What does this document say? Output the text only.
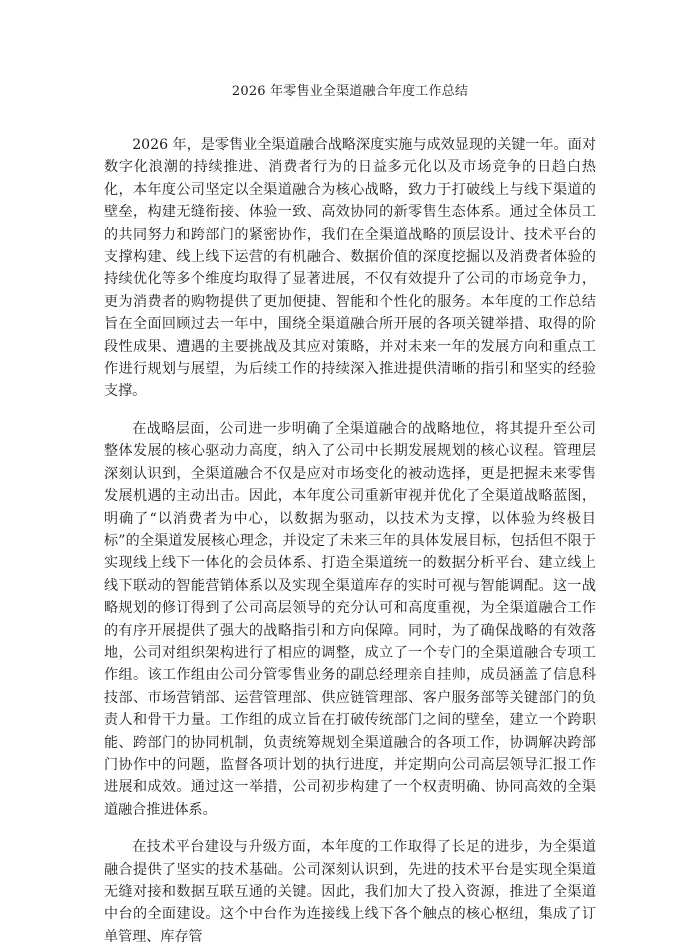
2026 年零售业全渠道融合年度工作总结

2026 年，是零售业全渠道融合战略深度实施与成效显现的关键一年。面对数字化浪潮的持续推进、消费者行为的日益多元化以及市场竞争的日趋白热化，本年度公司坚定以全渠道融合为核心战略，致力于打破线上与线下渠道的壁垒，构建无缝衔接、体验一致、高效协同的新零售生态体系。通过全体员工的共同努力和跨部门的紧密协作，我们在全渠道战略的顶层设计、技术平台的支撑构建、线上线下运营的有机融合、数据价值的深度挖掘以及消费者体验的持续优化等多个维度均取得了显著进展，不仅有效提升了公司的市场竞争力，更为消费者的购物提供了更加便捷、智能和个性化的服务。本年度的工作总结旨在全面回顾过去一年中，围绕全渠道融合所开展的各项关键举措、取得的阶段性成果、遭遇的主要挑战及其应对策略，并对未来一年的发展方向和重点工作进行规划与展望，为后续工作的持续深入推进提供清晰的指引和坚实的经验支撑。

在战略层面，公司进一步明确了全渠道融合的战略地位，将其提升至公司整体发展的核心驱动力高度，纳入了公司中长期发展规划的核心议程。管理层深刻认识到，全渠道融合不仅是应对市场变化的被动选择，更是把握未来零售发展机遇的主动出击。因此，本年度公司重新审视并优化了全渠道战略蓝图，明确了“以消费者为中心，以数据为驱动，以技术为支撑，以体验为终极目标”的全渠道发展核心理念，并设定了未来三年的具体发展目标，包括但不限于实现线上线下一体化的会员体系、打造全渠道统一的数据分析平台、建立线上线下联动的智能营销体系以及实现全渠道库存的实时可视与智能调配。这一战略规划的修订得到了公司高层领导的充分认可和高度重视，为全渠道融合工作的有序开展提供了强大的战略指引和方向保障。同时，为了确保战略的有效落地，公司对组织架构进行了相应的调整，成立了一个专门的全渠道融合专项工作组。该工作组由公司分管零售业务的副总经理亲自挂帅，成员涵盖了信息科技部、市场营销部、运营管理部、供应链管理部、客户服务部等关键部门的负责人和骨干力量。工作组的成立旨在打破传统部门之间的壁垒，建立一个跨职能、跨部门的协同机制，负责统筹规划全渠道融合的各项工作，协调解决跨部门协作中的问题，监督各项计划的执行进度，并定期向公司高层领导汇报工作进展和成效。通过这一举措，公司初步构建了一个权责明确、协同高效的全渠道融合推进体系。

在技术平台建设与升级方面，本年度的工作取得了长足的进步，为全渠道融合提供了坚实的技术基础。公司深刻认识到，先进的技术平台是实现全渠道无缝对接和数据互联互通的关键。因此，我们加大了投入资源，推进了全渠道中台的全面建设。这个中台作为连接线上线下各个触点的核心枢纽，集成了订单管理、库存管
